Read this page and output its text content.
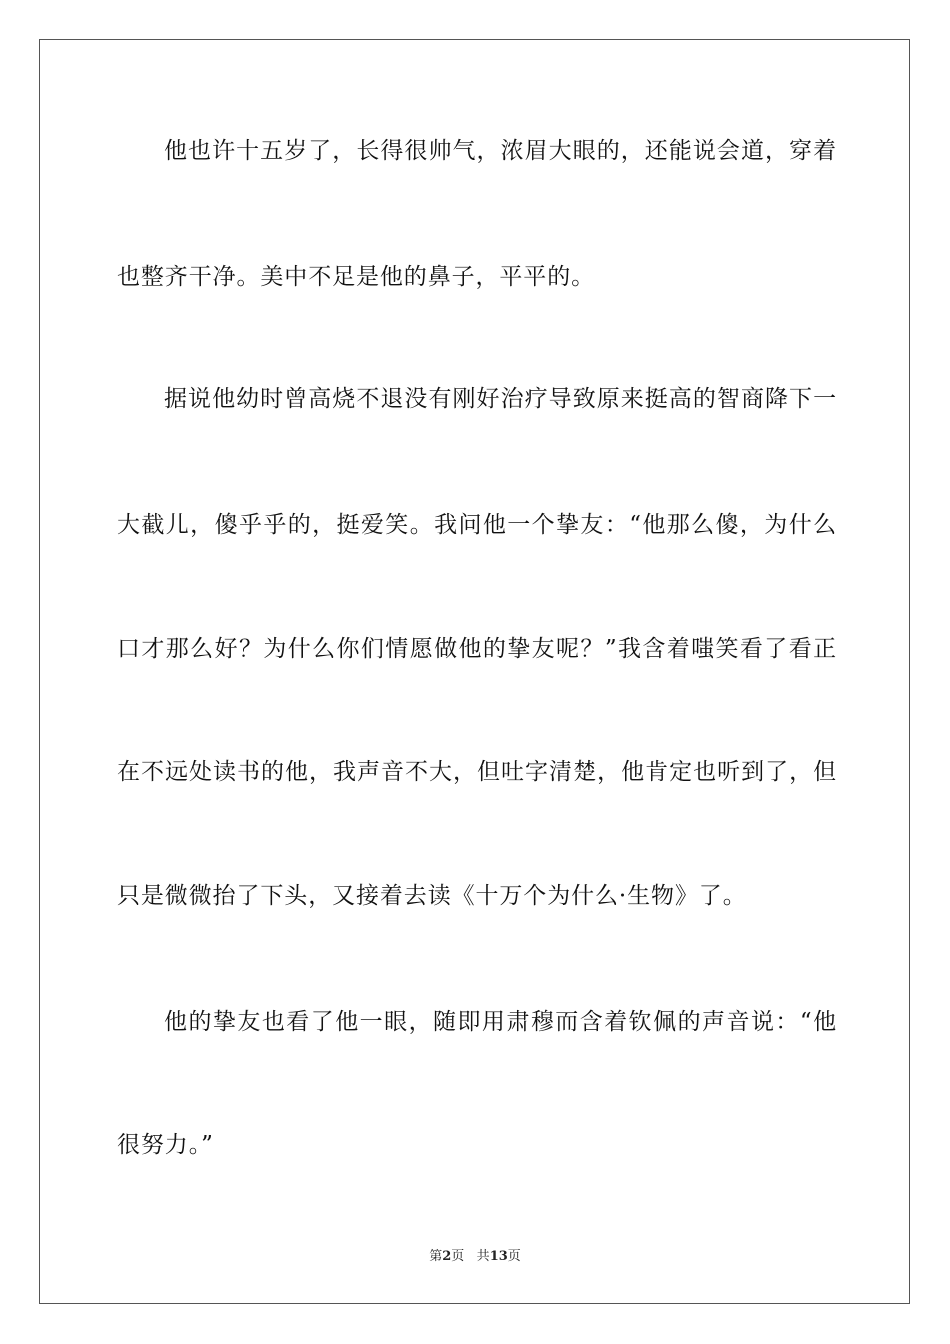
他也许十五岁了，长得很帅气，浓眉大眼的，还能说会道，穿着
也整齐干净。美中不足是他的鼻子，平平的。
据说他幼时曾高烧不退没有刚好治疗导致原来挺高的智商降下一
大截儿，傻乎乎的，挺爱笑。我问他一个挚友：“他那么傻，为什么
口才那么好？为什么你们情愿做他的挚友呢？”我含着嗤笑看了看正
在不远处读书的他，我声音不大，但吐字清楚，他肯定也听到了，但
只是微微抬了下头，又接着去读《十万个为什么·生物》了。
他的挚友也看了他一眼，随即用肃穆而含着钦佩的声音说：“他
很努力。”
第2页 共13页
